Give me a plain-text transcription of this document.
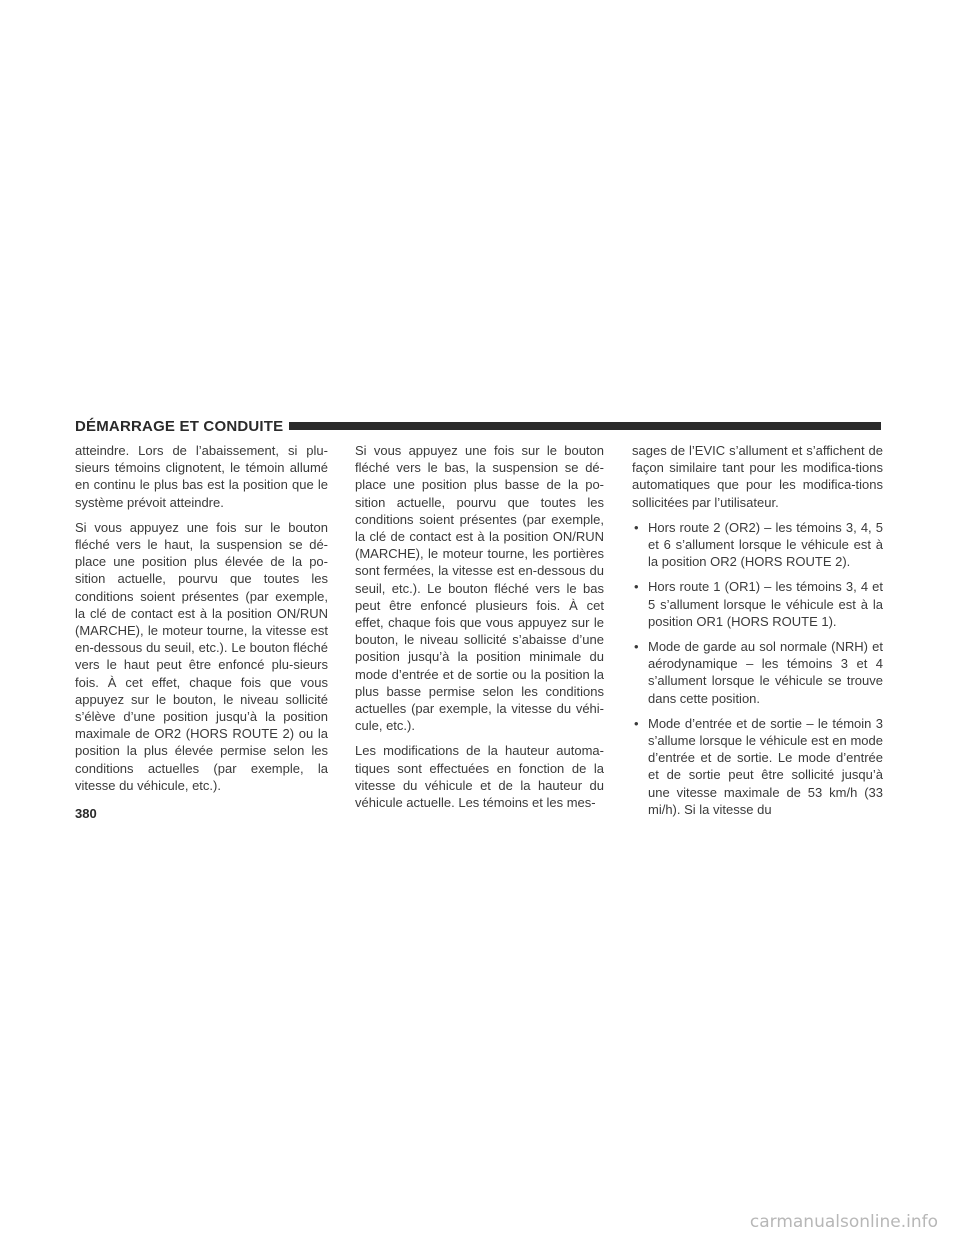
DÉMARRAGE ET CONDUITE

atteindre. Lors de l’abaissement, si plu-sieurs témoins clignotent, le témoin allumé en continu le plus bas est la position que le système prévoit atteindre.

Si vous appuyez une fois sur le bouton fléché vers le haut, la suspension se dé-place une position plus élevée de la po-sition actuelle, pourvu que toutes les conditions soient présentes (par exemple, la clé de contact est à la position ON/RUN (MARCHE), le moteur tourne, la vitesse est en-dessous du seuil, etc.). Le bouton fléché vers le haut peut être enfoncé plu-sieurs fois. À cet effet, chaque fois que vous appuyez sur le bouton, le niveau sollicité s’élève d’une position jusqu’à la position maximale de OR2 (HORS ROUTE 2) ou la position la plus élevée permise selon les conditions actuelles (par exemple, la vitesse du véhicule, etc.).

Si vous appuyez une fois sur le bouton fléché vers le bas, la suspension se dé-place une position plus basse de la po-sition actuelle, pourvu que toutes les conditions soient présentes (par exemple, la clé de contact est à la position ON/RUN (MARCHE), le moteur tourne, les portières sont fermées, la vitesse est en-dessous du seuil, etc.). Le bouton fléché vers le bas peut être enfoncé plusieurs fois. À cet effet, chaque fois que vous appuyez sur le bouton, le niveau sollicité s’abaisse d’une position jusqu’à la position minimale du mode d’entrée et de sortie ou la position la plus basse permise selon les conditions actuelles (par exemple, la vitesse du véhi-cule, etc.).

Les modifications de la hauteur automa-tiques sont effectuées en fonction de la vitesse du véhicule et de la hauteur du véhicule actuelle. Les témoins et les mes-

sages de l’EVIC s’allument et s’affichent de façon similaire tant pour les modifica-tions automatiques que pour les modifica-tions sollicitées par l’utilisateur.

• Hors route 2 (OR2) – les témoins 3, 4, 5 et 6 s’allument lorsque le véhicule est à la position OR2 (HORS ROUTE 2).
• Hors route 1 (OR1) – les témoins 3, 4 et 5 s’allument lorsque le véhicule est à la position OR1 (HORS ROUTE 1).
• Mode de garde au sol normale (NRH) et aérodynamique – les témoins 3 et 4 s’allument lorsque le véhicule se trouve dans cette position.
• Mode d’entrée et de sortie – le témoin 3 s’allume lorsque le véhicule est en mode d’entrée et de sortie. Le mode d’entrée et de sortie peut être sollicité jusqu’à une vitesse maximale de 53 km/h (33 mi/h). Si la vitesse du
380
carmanualsonline.info
